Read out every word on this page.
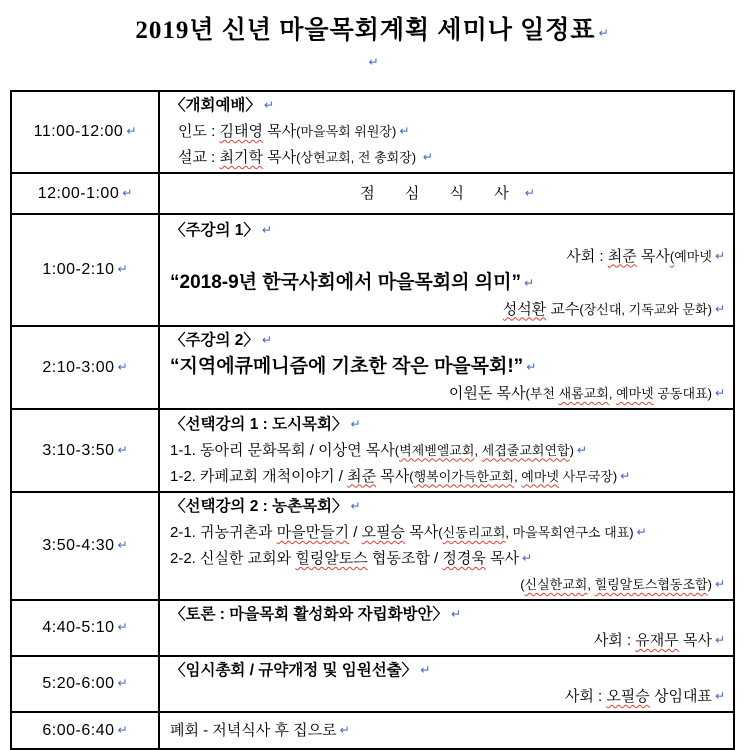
2019년 신년 마을목회계획 세미나 일정표 ↵
↵
11:00-12:00 ↵	〈개회예배〉 ↵
인도 : 김태영 목사(마을목회 위원장) ↵
설교 : 최기학 목사(상현교회, 전 총회장) ↵

12:00-1:00 ↵	점 심 식 사 ↵

1:00-2:10 ↵	〈주강의 1〉 ↵
사회 : 최준 목사(예마넷 ↵
“2018-9년 한국사회에서 마을목회의 의미” ↵
성석환 교수(장신대, 기독교와 문화) ↵

2:10-3:00 ↵	〈주강의 2〉 ↵
“지역에큐메니즘에 기초한 작은 마을목회!” ↵
이원돈 목사(부천 새롬교회, 예마넷 공동대표) ↵

3:10-3:50 ↵	〈선택강의 1 : 도시목회〉 ↵
1-1. 동아리 문화목회 / 이상연 목사(벽제벧엘교회, 세겹줄교회연합) ↵
1-2. 카페교회 개척이야기 / 최준 목사(행복이가득한교회, 예마넷 사무국장) ↵

3:50-4:30 ↵	〈선택강의 2 : 농촌목회〉 ↵
2-1. 귀농귀촌과 마을만들기 / 오필승 목사(신동리교회, 마을목회연구소 대표) ↵
2-2. 신실한 교회와 힐링알토스 협동조합 / 정경욱 목사 ↵
(신실한교회, 힐링알토스협동조합) ↵

4:40-5:10 ↵	〈토론 : 마을목회 활성화와 자립화방안〉 ↵
사회 : 유재무 목사 ↵

5:20-6:00 ↵	〈임시총회 / 규약개정 및 임원선출〉 ↵
사회 : 오필승 상임대표 ↵

6:00-6:40 ↵	폐회 - 저녁식사 후 집으로 ↵
